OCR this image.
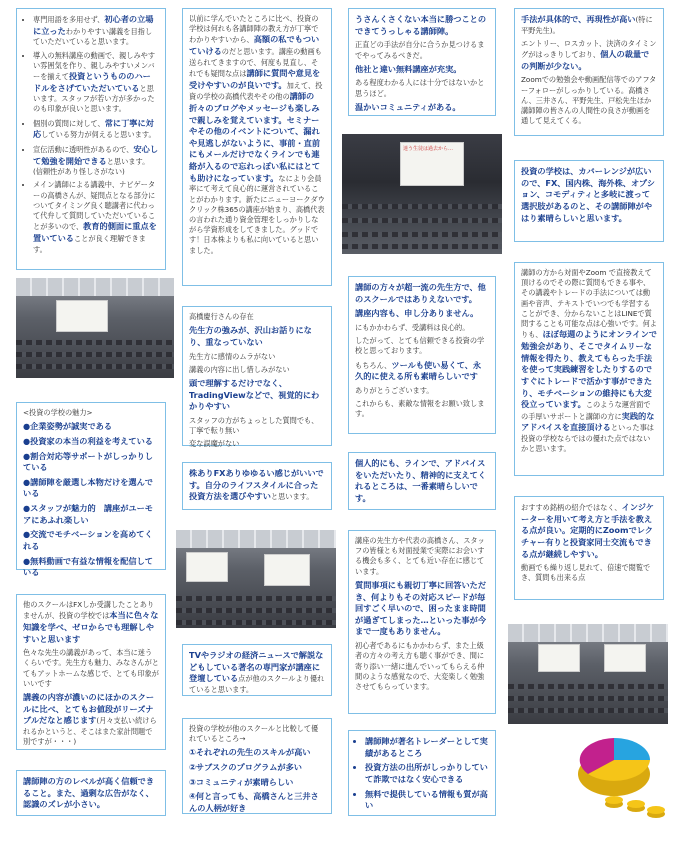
• 専門用語を多用せず、初心者の立場に立ったわかりやすい講義を目指していただいていると思います。
• 導入の無料講座の動画で、親しみやすい雰囲気を作り、親しみやすいメンバーを揃えて投資というもののハードルをさげていただいていると思います。スタッフが若い方が多かったのも印象が良いと思います。
• 個別の質問に対して、常に丁寧に対応している努力が伺えると思います。
• 宣伝活動に透明性があるので、安心して勉強を開始できると思います。(信頼性があり怪しさがない)
• メイン講師による講義中、ナビゲーターの高橋さんが、疑問点となる部分についてタイミング良く聴講者に代わって代弁して質問していただいていることが多いので、教育的側面に重点を置いていることが良く理解できます。

<投資の学校の魅力>

●企業姿勢が誠実である

●投資家の本当の利益を考えている

●割合対応等サポートがしっかりしている

●講師陣を厳選し本物だけを選んでいる

●スタッフが魅力的　講座がユーモアにあふれ楽しい

●交流でモチベーションを高めてくれる

●無料動画で有益な情報を配信している

他のスクールはFXしか受講したことありませんが、投資の学校では本当に色々な知識を学べ、ゼロからでも理解しやすいと思います

色々な先生の講義があって、本当に迷うくらいです。先生方も魅力、みなさんがとてもアットホームな感じで、とても印象がいいです

講義の内容が濃いのにほかのスクールに比べ、とてもお値段がリーズナブルだなと感じます(月々支払い続けられるかというと、そこはまた家計問題で別ですが・・・)

講師陣の方のレベルが高く信頼できること。また、過剰な広告がなく、認識のズレが小さい。

以前に学んでいたところに比べ、投資の学校は何れも各講師陣の教え方が丁寧でわかりやすいから、高額の私でもついていけるのだと思います。講座の動画も送られてきますので、何度も見直し、それでも疑問な点は講師に質問や意見を受けやすいのが良いです。加えて、投資の学校の高橋代表やその他の講師の折々のブログやメッセージも楽しみで親しみを覚えています。セミナーやその他のイベントについて、漏れや見逃しがないように、事前・直前にもメールだけでなくラインでも連絡が入るので忘れっぽい私にはとても助けになっています。なにより会員率にて考えて良心的に運営されていることがわかります。新たにニューヨークダウクリック株365の講座が始まり、高橋代表の言われた通り資金管理をしっかりしながら学資形成をしてきました。グッドです！日本株よりも私に向いていると思いました。

高橋慶行さんの存在

先生方の強みが、沢山お話りになり、重なっていない

先生方に感情のムラがない

講義の内容に出し惜しみがない

頭で理解するだけでなく、TradingViewなどで、視覚的にわかりやすい

スタッフの方がちょっとした質問でも、丁寧で転り無い

変な誤魔がない

株ありFXありゆゆるい感じがいいです。自分のライフスタイルに合った投資方法を選びやすいと思います。

TVやラジオの経済ニュースで解説などもしている著名の専門家が講座に登壇している点が他のスクールより優れていると思います。

投資の学校が他のスクールと比較して優れているところ→

①それぞれの先生のスキルが高い

②サブスクのプログラムが多い

③コミュニティが素晴らしい

④何と言っても、高橋さんと三井さんの人柄が好き

うさんくさくない本当に勝つことのできてうっしゃる講師陣。

正直どの手法が自分に合うか見つけるまでやってみるべきだ。

他社と違い無料講座が充実。

ある程度わかる人には十分ではないかと思うほど。

温かいコミュニティがある。

迷う生徒は過去から…

講師の方々が超一流の先生方で、他のスクールではありえないです。

講座内容も、申し分ありません。

にもかかわらず、受講料は良心的。

したがって、とても信頼できる投資の学校と思っております。

もちろん、ツールも使い易くて、永久的に使える所も素晴らしいです

ありがとうございます。

これからも、素敵な情報をお願い致します。

個人的にも、ラインで、アドバイスをいただいたり、精神的に支えてくれるところは、一番素晴らしいです。

講座の先生方や代表の高橋さん、スタッフの皆様とも対面授業で実際にお会いする機会も多く、とても近い存在に感じています。

質問事項にも親切丁寧に回答いただき、何よりもその対応スピードが毎回すごく早いので、困ったまま時間が過ぎてしまった…といった事が今まで一度もありません。

初心者であるにもかかわらず、また上級者の方々の考え方も聴く事ができ、間に寄り添い一緒に進んでいってもらえる仲間のような感覚なので、大変楽しく勉強させてもらっています。

• 講師陣が著名トレーダーとして実績があるところ
• 投資方法の出所がしっかりしていて詐欺ではなく安心できる
• 無料で提供している情報も質が高い

手法が具体的で、再現性が高い(特に平野先生)。

エントリー、ロスカット、決済のタイミングがはっきりしており、個人の裁量での判断が少ない。

Zoomでの勉強会や動画配信等でのアフターフォローがしっかりしている。高橋さん、三井さん、平野先生、戸松先生ほか講師陣の皆さんの人間性の良さが動画を通して見えてくる。

投資の学校は、カバーレンジが広いので、FX、国内株、海外株、オプション、コモディティと多岐に渡って選択肢があるのと、その講師陣がやはり素晴らしいと思います。

講師の方から対面やZoom で直接教えて頂けるのでその際に質問もできる事や、その講義やトレードの手法については動画や音声、テキストでいつでも学習することができ、分からないことはLINEで質問することも可能な点は心強いです。何よりも、ほぼ毎週のようにオンラインで勉強会があり、そこでタイムリーな情報を得たり、教えてもらった手法を使って実践練習をしたりするのですぐにトレードで活かす事ができたり、モチベーションの維持にも大変役立っています。このような運営面での手厚いサポートと講師の方に実践的なアドバイスを直接頂けるといった事は投資の学校ならではの優れた点ではないかと思います。

おすすめ銘柄の紹介ではなく、インジケーターを用いて考え方と手法を教える点が良い。定期的にZoomでレクチャー有りと投資家同士交流もできる点が継続しやすい。

動画でも繰り返し見れて、倍速で閲覧でき、質問も出来る点
